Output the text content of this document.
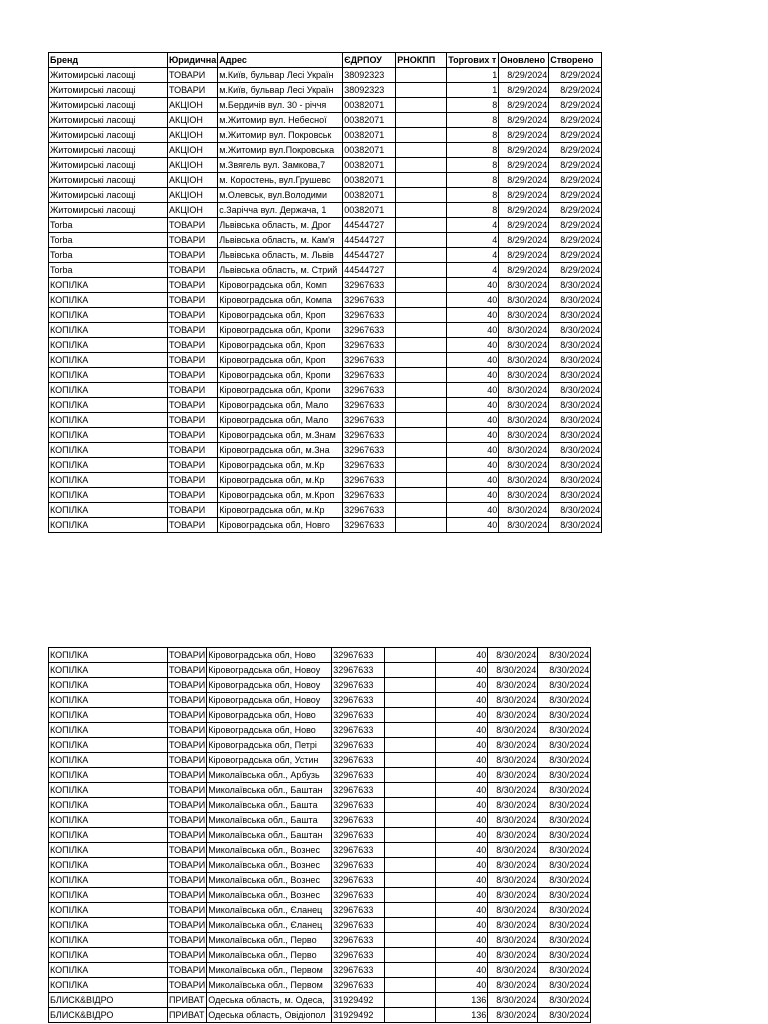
Бренд	Юридична	Адрес	ЄДРПОУ	РНОКПП	Торгових т	Оновлено	Створено
Житомирські ласощі	ТОВАРИ	м.Київ, бульвар Лесі Україн	38092323		1	8/29/2024	8/29/2024
Житомирські ласощі	ТОВАРИ	м.Київ, бульвар Лесі Україн	38092323		1	8/29/2024	8/29/2024
Житомирські ласощі	АКЦІОН	м.Бердичів вул. 30 - річчя	00382071		8	8/29/2024	8/29/2024
Житомирські ласощі	АКЦІОН	м.Житомир вул. Небесної	00382071		8	8/29/2024	8/29/2024
Житомирські ласощі	АКЦІОН	м.Житомир вул. Покровськ	00382071		8	8/29/2024	8/29/2024
Житомирські ласощі	АКЦІОН	м.Житомир вул.Покровська	00382071		8	8/29/2024	8/29/2024
Житомирські ласощі	АКЦІОН	м.Звягель вул. Замкова,7	00382071		8	8/29/2024	8/29/2024
Житомирські ласощі	АКЦІОН	м. Коростень, вул.Грушевс	00382071		8	8/29/2024	8/29/2024
Житомирські ласощі	АКЦІОН	м.Олевськ, вул.Володими	00382071		8	8/29/2024	8/29/2024
Житомирські ласощі	АКЦІОН	с.Зарічча вул. Держача, 1	00382071		8	8/29/2024	8/29/2024
Torba	ТОВАРИ	Львівська область, м. Дрог	44544727		4	8/29/2024	8/29/2024
Torba	ТОВАРИ	Львівська область, м. Кам'я	44544727		4	8/29/2024	8/29/2024
Torba	ТОВАРИ	Львівська область, м. Львів	44544727		4	8/29/2024	8/29/2024
Torba	ТОВАРИ	Львівська область, м. Стрий	44544727		4	8/29/2024	8/29/2024
КОПІЛКА	ТОВАРИ	Кіровоградська обл, Комп	32967633		40	8/30/2024	8/30/2024
КОПІЛКА	ТОВАРИ	Кіровоградська обл, Компа	32967633		40	8/30/2024	8/30/2024
КОПІЛКА	ТОВАРИ	Кіровоградська обл, Кроп	32967633		40	8/30/2024	8/30/2024
КОПІЛКА	ТОВАРИ	Кіровоградська обл, Кропи	32967633		40	8/30/2024	8/30/2024
КОПІЛКА	ТОВАРИ	Кіровоградська обл, Кроп	32967633		40	8/30/2024	8/30/2024
КОПІЛКА	ТОВАРИ	Кіровоградська обл, Кроп	32967633		40	8/30/2024	8/30/2024
КОПІЛКА	ТОВАРИ	Кіровоградська обл, Кропи	32967633		40	8/30/2024	8/30/2024
КОПІЛКА	ТОВАРИ	Кіровоградська обл, Кропи	32967633		40	8/30/2024	8/30/2024
КОПІЛКА	ТОВАРИ	Кіровоградська обл, Мало	32967633		40	8/30/2024	8/30/2024
КОПІЛКА	ТОВАРИ	Кіровоградська обл, Мало	32967633		40	8/30/2024	8/30/2024
КОПІЛКА	ТОВАРИ	Кіровоградська обл, м.Знам	32967633		40	8/30/2024	8/30/2024
КОПІЛКА	ТОВАРИ	Кіровоградська обл, м.Зна	32967633		40	8/30/2024	8/30/2024
КОПІЛКА	ТОВАРИ	Кіровоградська обл, м.Кр	32967633		40	8/30/2024	8/30/2024
КОПІЛКА	ТОВАРИ	Кіровоградська обл, м.Кр	32967633		40	8/30/2024	8/30/2024
КОПІЛКА	ТОВАРИ	Кіровоградська обл, м.Кроп	32967633		40	8/30/2024	8/30/2024
КОПІЛКА	ТОВАРИ	Кіровоградська обл, м.Кр	32967633		40	8/30/2024	8/30/2024
КОПІЛКА	ТОВАРИ	Кіровоградська обл, Новго	32967633		40	8/30/2024	8/30/2024
КОПІЛКА	ТОВАРИ	Кіровоградська обл, Ново	32967633		40	8/30/2024	8/30/2024
КОПІЛКА	ТОВАРИ	Кіровоградська обл, Новоу	32967633		40	8/30/2024	8/30/2024
КОПІЛКА	ТОВАРИ	Кіровоградська обл, Новоу	32967633		40	8/30/2024	8/30/2024
КОПІЛКА	ТОВАРИ	Кіровоградська обл, Новоу	32967633		40	8/30/2024	8/30/2024
КОПІЛКА	ТОВАРИ	Кіровоградська обл, Ново	32967633		40	8/30/2024	8/30/2024
КОПІЛКА	ТОВАРИ	Кіровоградська обл, Ново	32967633		40	8/30/2024	8/30/2024
КОПІЛКА	ТОВАРИ	Кіровоградська обл, Петрі	32967633		40	8/30/2024	8/30/2024
КОПІЛКА	ТОВАРИ	Кіровоградська обл, Устин	32967633		40	8/30/2024	8/30/2024
КОПІЛКА	ТОВАРИ	Миколаївська обл., Арбузь	32967633		40	8/30/2024	8/30/2024
КОПІЛКА	ТОВАРИ	Миколаївська обл., Баштан	32967633		40	8/30/2024	8/30/2024
КОПІЛКА	ТОВАРИ	Миколаївська обл., Башта	32967633		40	8/30/2024	8/30/2024
КОПІЛКА	ТОВАРИ	Миколаївська обл., Башта	32967633		40	8/30/2024	8/30/2024
КОПІЛКА	ТОВАРИ	Миколаївська обл., Баштан	32967633		40	8/30/2024	8/30/2024
КОПІЛКА	ТОВАРИ	Миколаївська обл., Вознес	32967633		40	8/30/2024	8/30/2024
КОПІЛКА	ТОВАРИ	Миколаївська обл., Вознес	32967633		40	8/30/2024	8/30/2024
КОПІЛКА	ТОВАРИ	Миколаївська обл., Вознес	32967633		40	8/30/2024	8/30/2024
КОПІЛКА	ТОВАРИ	Миколаївська обл., Вознес	32967633		40	8/30/2024	8/30/2024
КОПІЛКА	ТОВАРИ	Миколаївська обл., Єланец	32967633		40	8/30/2024	8/30/2024
КОПІЛКА	ТОВАРИ	Миколаївська обл., Єланец	32967633		40	8/30/2024	8/30/2024
КОПІЛКА	ТОВАРИ	Миколаївська обл., Перво	32967633		40	8/30/2024	8/30/2024
КОПІЛКА	ТОВАРИ	Миколаївська обл., Перво	32967633		40	8/30/2024	8/30/2024
КОПІЛКА	ТОВАРИ	Миколаївська обл., Первом	32967633		40	8/30/2024	8/30/2024
КОПІЛКА	ТОВАРИ	Миколаївська обл., Первом	32967633		40	8/30/2024	8/30/2024
БЛИСК&ВІДРО	ПРИВАТ	Одеська область, м. Одеса,	31929492		136	8/30/2024	8/30/2024
БЛИСК&ВІДРО	ПРИВАТ	Одеська область, Овідіопол	31929492		136	8/30/2024	8/30/2024
